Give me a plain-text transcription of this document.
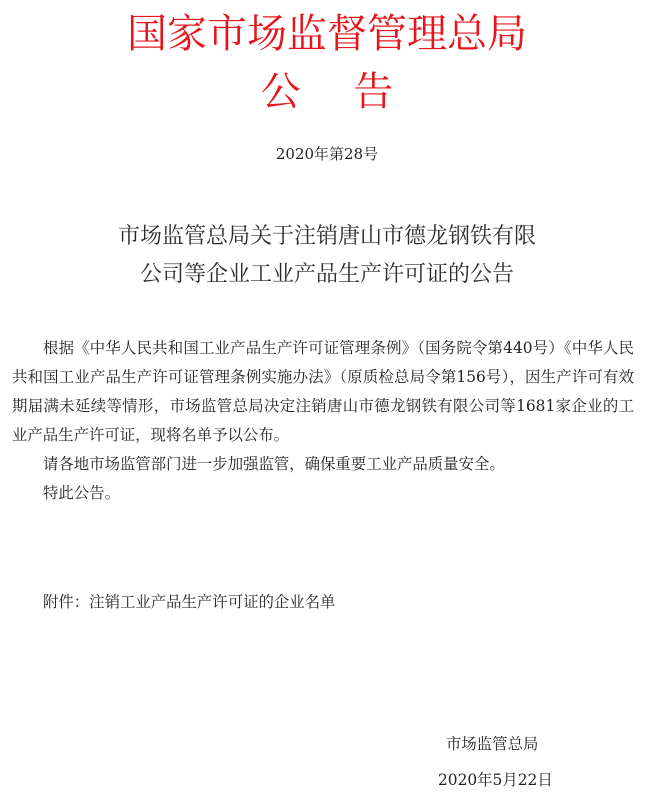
国家市场监督管理总局
公 告
2020年第28号
市场监管总局关于注销唐山市德龙钢铁有限
公司等企业工业产品生产许可证的公告

根据《中华人民共和国工业产品生产许可证管理条例》（国务院令第440号）《中华人民共和国工业产品生产许可证管理条例实施办法》（原质检总局令第156号），因生产许可有效期届满未延续等情形，市场监管总局决定注销唐山市德龙钢铁有限公司等1681家企业的工业产品生产许可证，现将名单予以公布。

请各地市场监管部门进一步加强监管，确保重要工业产品质量安全。

特此公告。

附件：注销工业产品生产许可证的企业名单
市场监管总局
2020年5月22日
